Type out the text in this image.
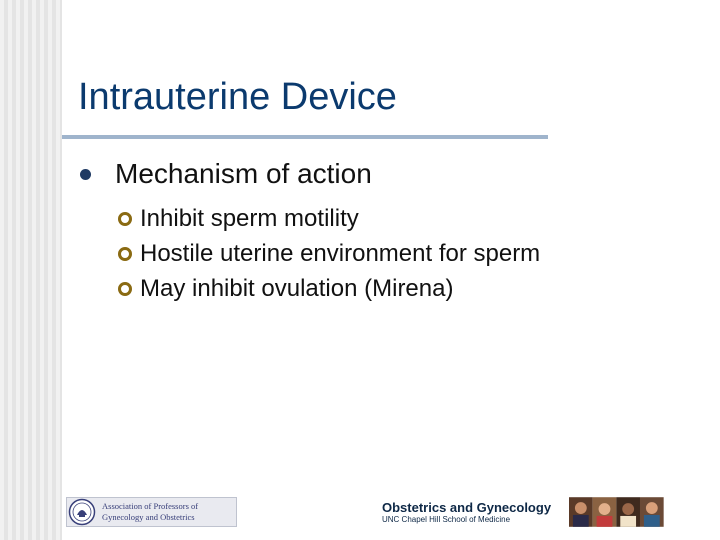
Intrauterine Device
Mechanism of action
Inhibit sperm motility
Hostile uterine environment for sperm
May inhibit ovulation (Mirena)
Association of Professors of
Gynecology and Obstetrics
Obstetrics and Gynecology
UNC Chapel Hill School of Medicine
